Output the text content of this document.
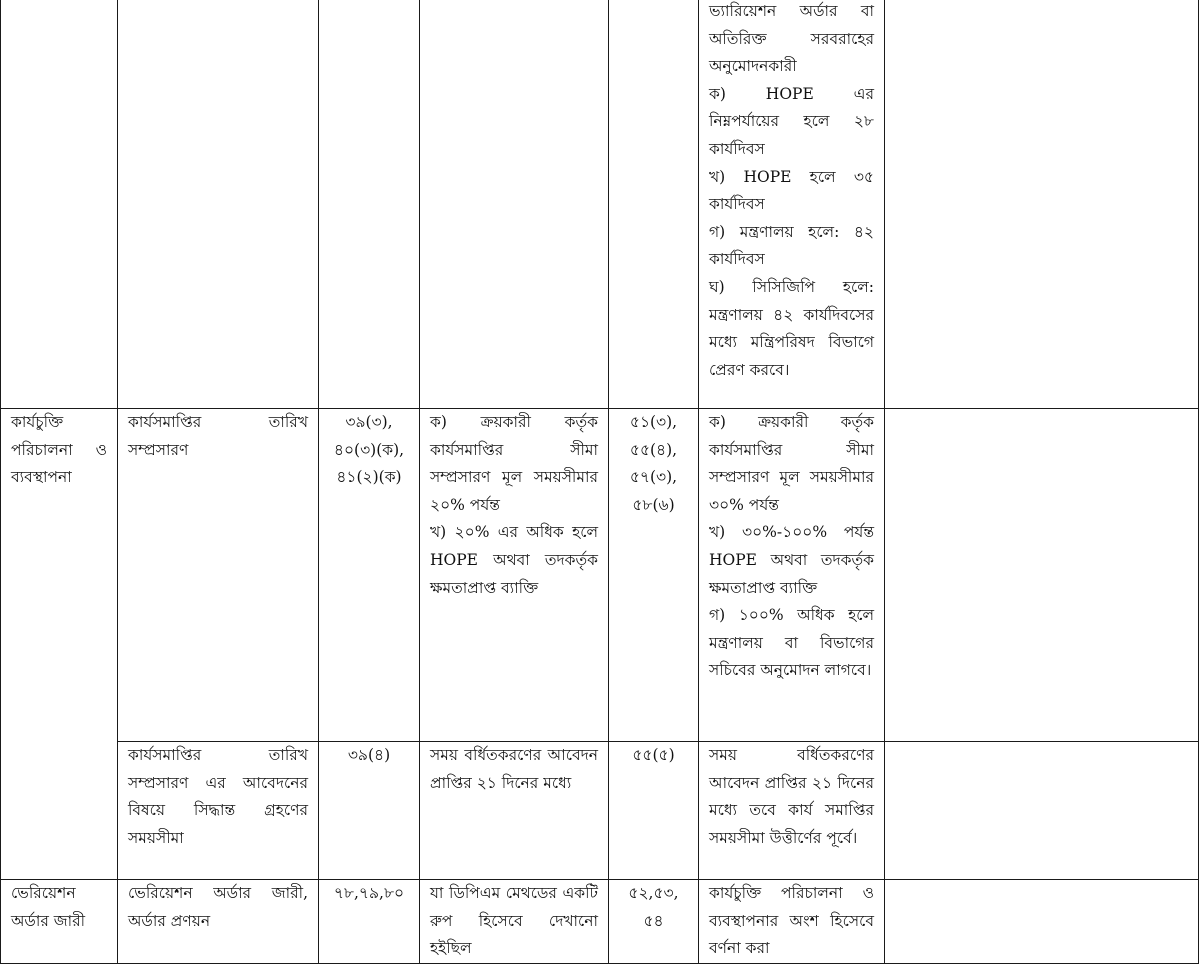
					ভ্যারিয়েশন অর্ডার বা অতিরিক্ত সরবরাহের অনুমোদনকারী
ক) HOPE এর নিম্নপর্যায়ের হলে ২৮ কার্যদিবস
খ) HOPE হলে ৩৫ কার্যদিবস
গ) মন্ত্রণালয় হলে: ৪২ কার্যদিবস
ঘ) সিসিজিপি হলে: মন্ত্রণালয় ৪২ কার্যদিবসের মধ্যে মন্ত্রিপরিষদ বিভাগে প্রেরণ করবে।	

কার্যচুক্তি পরিচালনা ও ব্যবস্থাপনা	কার্যসমাপ্তির তারিখ সম্প্রসারণ	৩৯(৩), ৪০(৩)(ক), ৪১(২)(ক)	ক) ক্রয়কারী কর্তৃক কার্যসমাপ্তির সীমা সম্প্রসারণ মূল সময়সীমার ২০% পর্যন্ত
খ) ২০% এর অধিক হলে HOPE অথবা তদকর্তৃক ক্ষমতাপ্রাপ্ত ব্যাক্তি	৫১(৩), ৫৫(৪), ৫৭(৩), ৫৮(৬)	ক) ক্রয়কারী কর্তৃক কার্যসমাপ্তির সীমা সম্প্রসারণ মূল সময়সীমার ৩০% পর্যন্ত
খ) ৩০%-১০০% পর্যন্ত HOPE অথবা তদকর্তৃক ক্ষমতাপ্রাপ্ত ব্যাক্তি
গ) ১০০% অধিক হলে মন্ত্রণালয় বা বিভাগের সচিবের অনুমোদন লাগবে।	

	কার্যসমাপ্তির তারিখ সম্প্রসারণ এর আবেদনের বিষয়ে সিদ্ধান্ত গ্রহণের সময়সীমা	৩৯(৪)	সময় বর্ধিতকরণের আবেদন প্রাপ্তির ২১ দিনের মধ্যে	৫৫(৫)	সময় বর্ধিতকরণের আবেদন প্রাপ্তির ২১ দিনের মধ্যে তবে কার্য সমাপ্তির সময়সীমা উত্তীর্ণের পূর্বে।	
ভেরিয়েশন অর্ডার জারী	ভেরিয়েশন অর্ডার জারী, অর্ডার প্রণয়ন	৭৮,৭৯,৮০	যা ডিপিএম মেথডের একটি রুপ হিসেবে দেখানো হইছিল	৫২,৫৩, ৫৪	কার্যচুক্তি পরিচালনা ও ব্যবস্থাপনার অংশ হিসেবে বর্ণনা করা	
